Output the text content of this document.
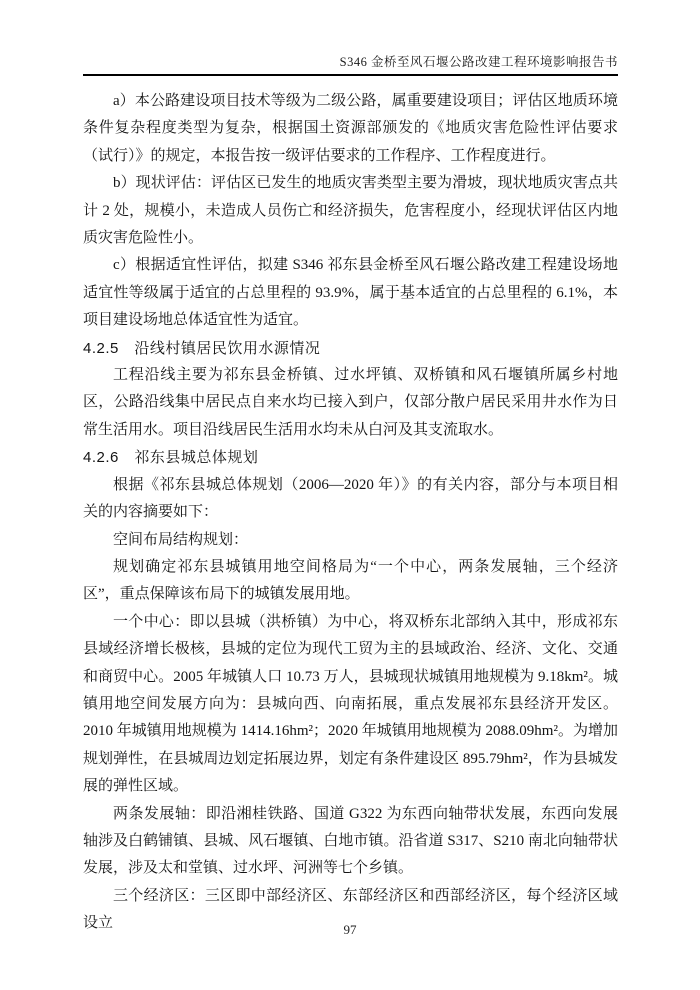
S346 金桥至风石堰公路改建工程环境影响报告书

a）本公路建设项目技术等级为二级公路，属重要建设项目；评估区地质环境条件复杂程度类型为复杂，根据国土资源部颁发的《地质灾害危险性评估要求（试行）》的规定，本报告按一级评估要求的工作程序、工作程度进行。

b）现状评估：评估区已发生的地质灾害类型主要为滑坡，现状地质灾害点共计 2 处，规模小，未造成人员伤亡和经济损失，危害程度小，经现状评估区内地质灾害危险性小。

c）根据适宜性评估，拟建 S346 祁东县金桥至风石堰公路改建工程建设场地适宜性等级属于适宜的占总里程的 93.9%，属于基本适宜的占总里程的 6.1%，本项目建设场地总体适宜性为适宜。

4.2.5　沿线村镇居民饮用水源情况

工程沿线主要为祁东县金桥镇、过水坪镇、双桥镇和风石堰镇所属乡村地区，公路沿线集中居民点自来水均已接入到户，仅部分散户居民采用井水作为日常生活用水。项目沿线居民生活用水均未从白河及其支流取水。

4.2.6　祁东县城总体规划

根据《祁东县城总体规划（2006—2020 年）》的有关内容，部分与本项目相关的内容摘要如下：

空间布局结构规划：

规划确定祁东县城镇用地空间格局为“一个中心，两条发展轴，三个经济区”，重点保障该布局下的城镇发展用地。

一个中心：即以县城（洪桥镇）为中心，将双桥东北部纳入其中，形成祁东县域经济增长极核，县城的定位为现代工贸为主的县域政治、经济、文化、交通和商贸中心。2005 年城镇人口 10.73 万人，县城现状城镇用地规模为 9.18km²。城镇用地空间发展方向为：县城向西、向南拓展，重点发展祁东县经济开发区。2010 年城镇用地规模为 1414.16hm²；2020 年城镇用地规模为 2088.09hm²。为增加规划弹性，在县城周边划定拓展边界，划定有条件建设区 895.79hm²，作为县城发展的弹性区域。

两条发展轴：即沿湘桂铁路、国道 G322 为东西向轴带状发展，东西向发展轴涉及白鹤铺镇、县城、风石堰镇、白地市镇。沿省道 S317、S210 南北向轴带状发展，涉及太和堂镇、过水坪、河洲等七个乡镇。

三个经济区：三区即中部经济区、东部经济区和西部经济区，每个经济区域设立	97
